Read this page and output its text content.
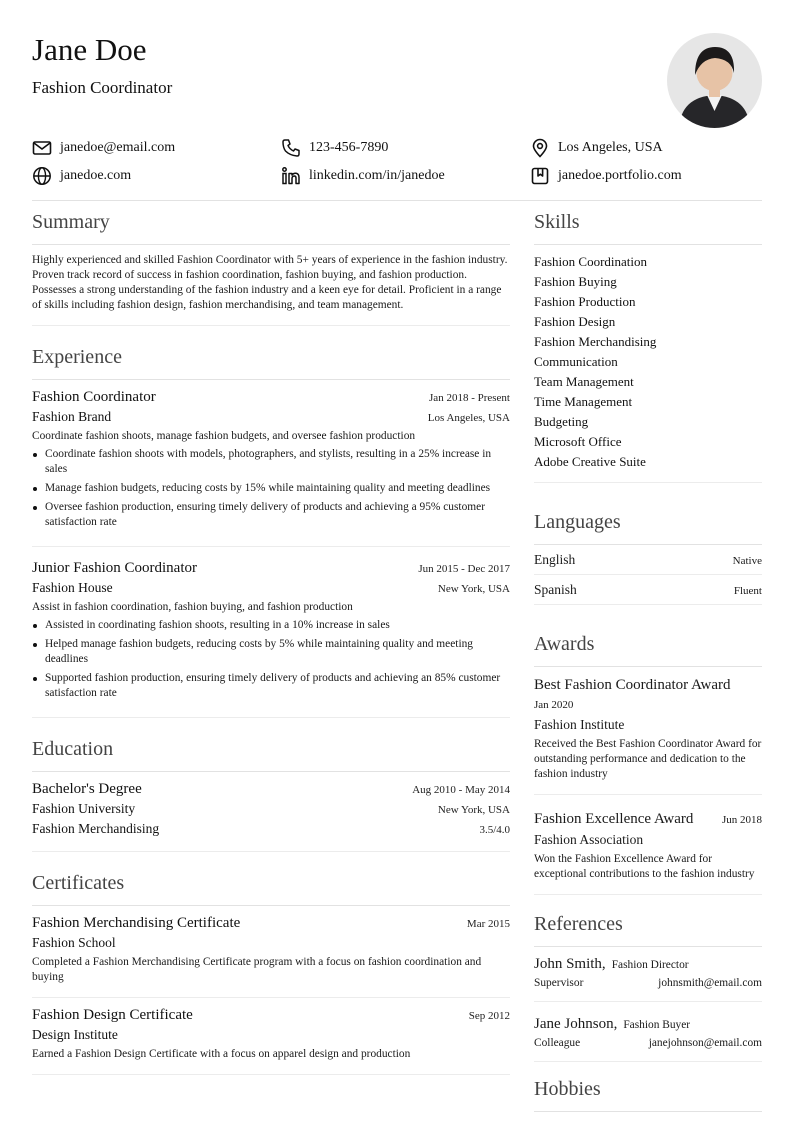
Jane Doe
Fashion Coordinator
janedoe@email.com	123-456-7890	Los Angeles, USA
janedoe.com	linkedin.com/in/janedoe	janedoe.portfolio.com
Summary
Highly experienced and skilled Fashion Coordinator with 5+ years of experience in the fashion industry. Proven track record of success in fashion coordination, fashion buying, and fashion production. Possesses a strong understanding of the fashion industry and a keen eye for detail. Proficient in a range of skills including fashion design, fashion merchandising, and team management.
Experience
Fashion Coordinator	Jan 2018 - Present
Fashion Brand	Los Angeles, USA
Coordinate fashion shoots, manage fashion budgets, and oversee fashion production
Coordinate fashion shoots with models, photographers, and stylists, resulting in a 25% increase in sales
Manage fashion budgets, reducing costs by 15% while maintaining quality and meeting deadlines
Oversee fashion production, ensuring timely delivery of products and achieving a 95% customer satisfaction rate
Junior Fashion Coordinator	Jun 2015 - Dec 2017
Fashion House	New York, USA
Assist in fashion coordination, fashion buying, and fashion production
Assisted in coordinating fashion shoots, resulting in a 10% increase in sales
Helped manage fashion budgets, reducing costs by 5% while maintaining quality and meeting deadlines
Supported fashion production, ensuring timely delivery of products and achieving an 85% customer satisfaction rate
Education
Bachelor's Degree	Aug 2010 - May 2014
Fashion University	New York, USA
Fashion Merchandising	3.5/4.0
Certificates
Fashion Merchandising Certificate	Mar 2015
Fashion School
Completed a Fashion Merchandising Certificate program with a focus on fashion coordination and buying
Fashion Design Certificate	Sep 2012
Design Institute
Earned a Fashion Design Certificate with a focus on apparel design and production
Skills
Fashion Coordination
Fashion Buying
Fashion Production
Fashion Design
Fashion Merchandising
Communication
Team Management
Time Management
Budgeting
Microsoft Office
Adobe Creative Suite
Languages
English	Native
Spanish	Fluent
Awards
Best Fashion Coordinator Award
Jan 2020
Fashion Institute
Received the Best Fashion Coordinator Award for outstanding performance and dedication to the fashion industry
Fashion Excellence Award	Jun 2018
Fashion Association
Won the Fashion Excellence Award for exceptional contributions to the fashion industry
References
John Smith, Fashion Director
Supervisor	johnsmith@email.com
Jane Johnson, Fashion Buyer
Colleague	janejohnson@email.com
Hobbies
